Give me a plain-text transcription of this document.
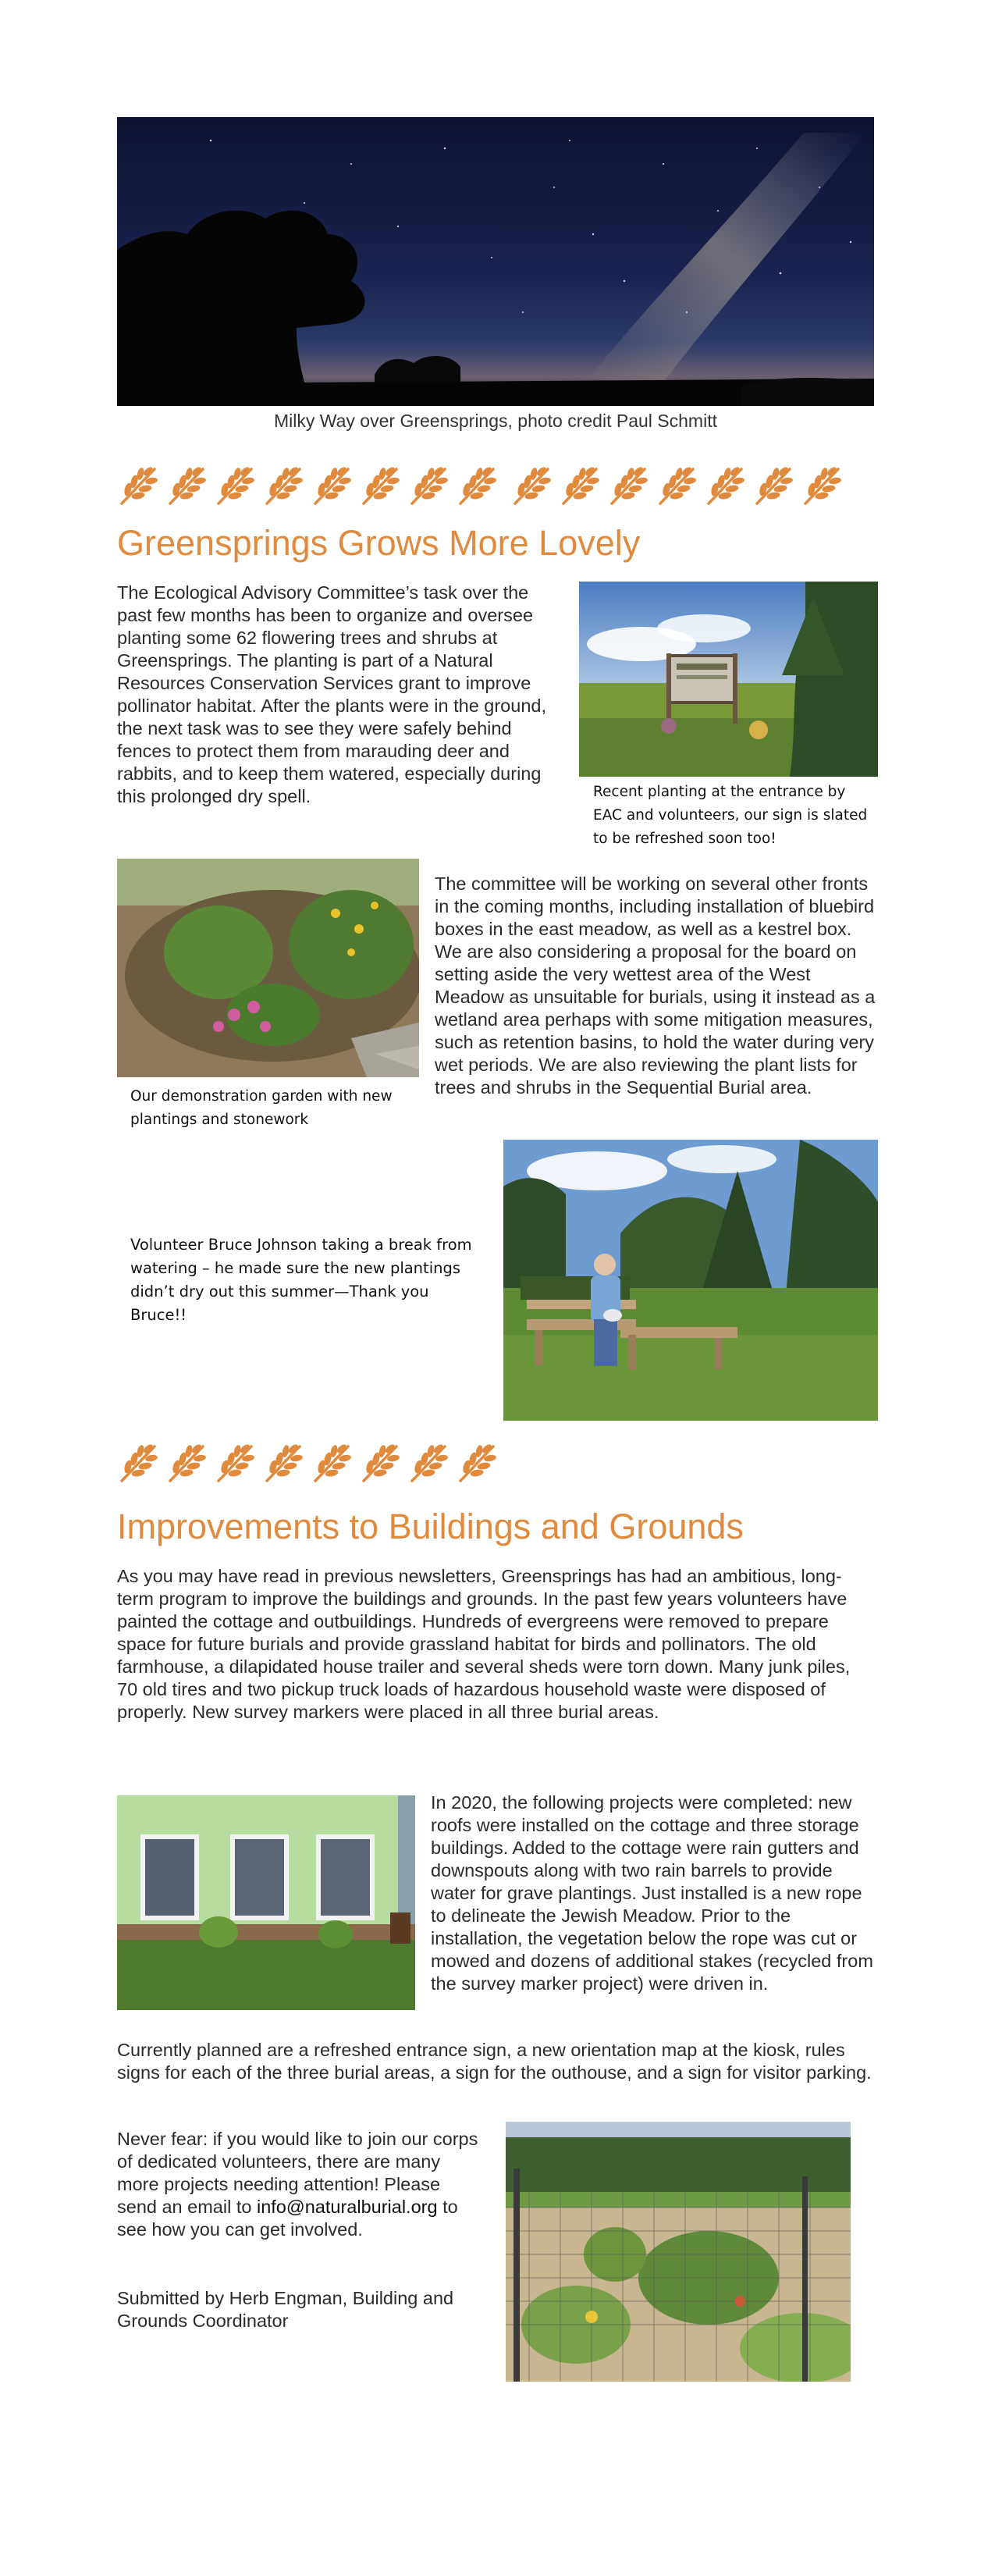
Milky Way over Greensprings, photo credit Paul Schmitt
Greensprings Grows More Lovely
The Ecological Advisory Committee’s task over the past few months has been to organize and oversee planting some 62 flowering trees and shrubs at Greensprings. The planting is part of a Natural Resources Conservation Services grant to improve pollinator habitat. After the plants were in the ground, the next task was to see they were safely behind fences to protect them from marauding deer and rabbits, and to keep them watered, especially during this prolonged dry spell.	Recent planting at the entrance by EAC and volunteers, our sign is slated to be refreshed soon too!
Our demonstration garden with new plantings and stonework
The committee will be working on several other fronts in the coming months, including installation of bluebird boxes in the east meadow, as well as a kestrel box. We are also considering a proposal for the board on setting aside the very wettest area of the West Meadow as unsuitable for burials, using it instead as a wetland area perhaps with some mitigation measures, such as retention basins, to hold the water during very wet periods. We are also reviewing the plant lists for trees and shrubs in the Sequential Burial area.
Volunteer Bruce Johnson taking a break from watering – he made sure the new plantings didn’t dry out this summer—Thank you Bruce!!
Improvements to Buildings and Grounds
As you may have read in previous newsletters, Greensprings has had an ambitious, long-term program to improve the buildings and grounds. In the past few years volunteers have painted the cottage and outbuildings. Hundreds of evergreens were removed to prepare space for future burials and provide grassland habitat for birds and pollinators. The old farmhouse, a dilapidated house trailer and several sheds were torn down. Many junk piles, 70 old tires and two pickup truck loads of hazardous household waste were disposed of properly. New survey markers were placed in all three burial areas.
In 2020, the following projects were completed: new roofs were installed on the cottage and three storage buildings. Added to the cottage were rain gutters and downspouts along with two rain barrels to provide water for grave plantings. Just installed is a new rope to delineate the Jewish Meadow. Prior to the installation, the vegetation below the rope was cut or mowed and dozens of additional stakes (recycled from the survey marker project) were driven in.
Currently planned are a refreshed entrance sign, a new orientation map at the kiosk, rules signs for each of the three burial areas, a sign for the outhouse, and a sign for visitor parking.
Never fear: if you would like to join our corps of dedicated volunteers, there are many more projects needing attention! Please send an email to info@naturalburial.org to see how you can get involved.
Submitted by Herb Engman, Building and Grounds Coordinator
